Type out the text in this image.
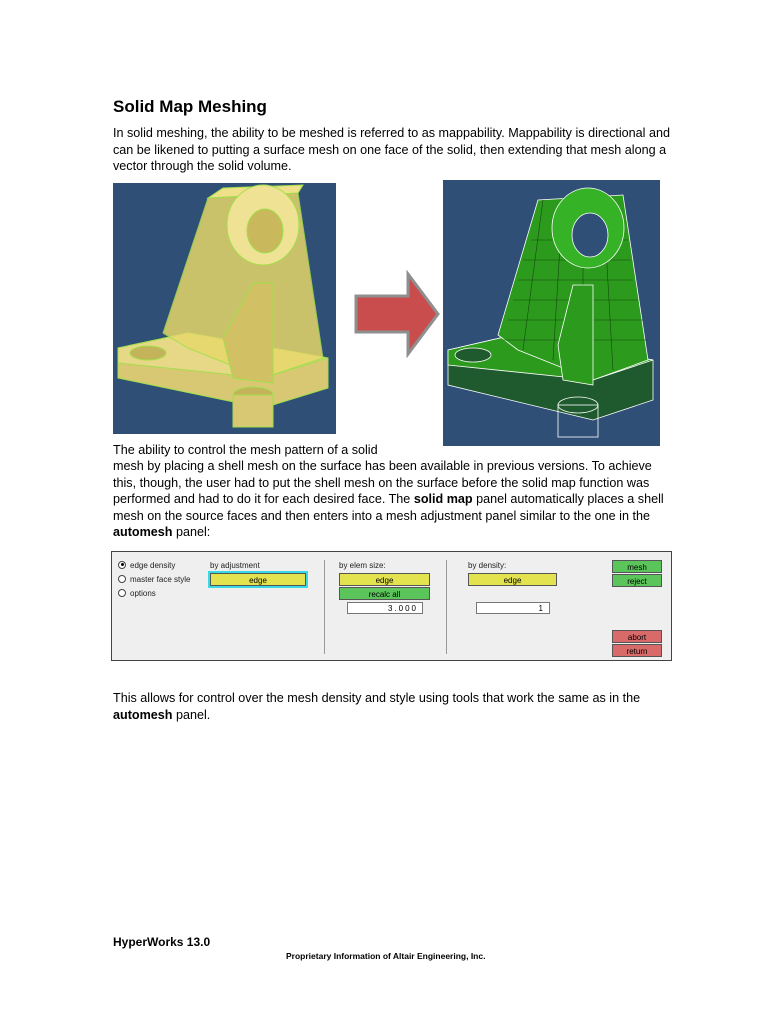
Solid Map Meshing

In solid meshing, the ability to be meshed is referred to as mappability. Mappability is directional and can be likened to putting a surface mesh on one face of the solid, then extending that mesh along a vector through the solid volume.

The ability to control the mesh pattern of a solid

mesh by placing a shell mesh on the surface has been available in previous versions. To achieve this, though, the user had to put the shell mesh on the surface before the solid map function was performed and had to do it for each desired face. The solid map panel automatically places a shell mesh on the source faces and then enters into a mesh adjustment panel similar to the one in the automesh panel:

edge density
master face style
options
by adjustment
edge
by elem size:
edge
recalc all
3.000
by density:
edge
1
mesh
reject
abort
return

This allows for control over the mesh density and style using tools that work the same as in the automesh panel.

HyperWorks 13.0
Proprietary Information of Altair Engineering, Inc.
